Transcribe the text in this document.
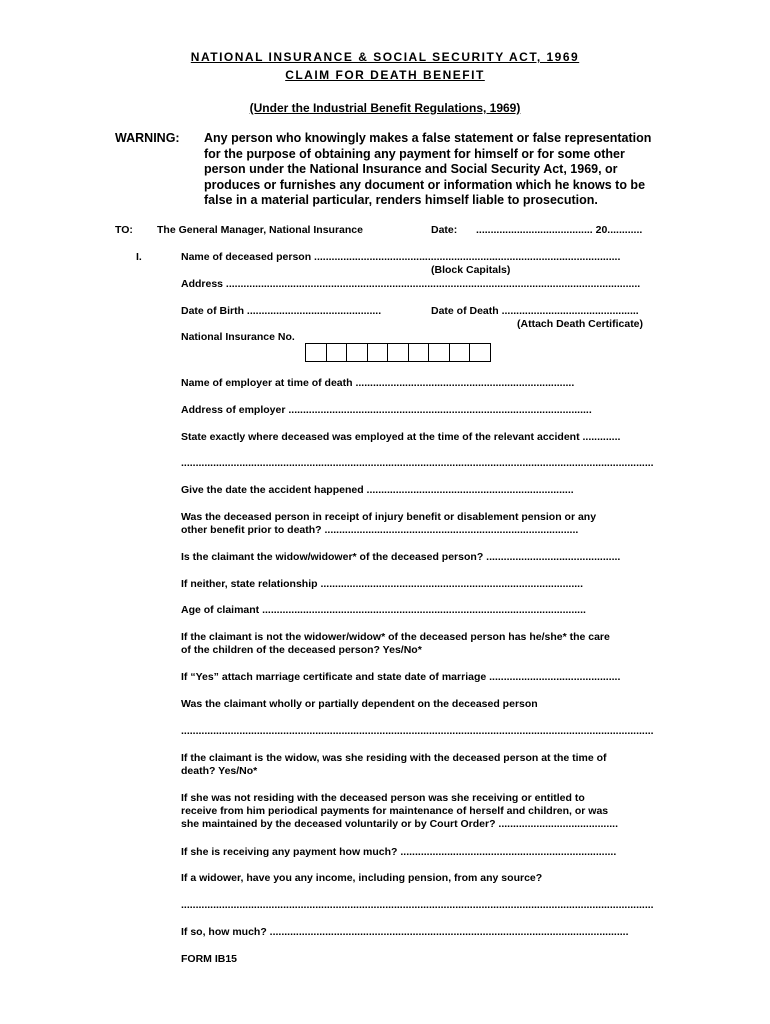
NATIONAL INSURANCE & SOCIAL SECURITY ACT, 1969
CLAIM FOR DEATH BENEFIT
(Under the Industrial Benefit Regulations, 1969)
WARNING: Any person who knowingly makes a false statement or false representation
for the purpose of obtaining any payment for himself or for some other
person under the National Insurance and Social Security Act, 1969, or
produces or furnishes any document or information which he knows to be
false in a material particular, renders himself liable to prosecution.
TO: The General Manager, National Insurance	Date: ........................................ 20............
I.	Name of deceased person .........................................................................................................
(Block Capitals)
Address ..............................................................................................................................................
Date of Birth ..............................................	Date of Death ...............................................
(Attach Death Certificate)
National Insurance No.
Name of employer at time of death ...........................................................................
Address of employer ........................................................................................................
State exactly where deceased was employed at the time of the relevant accident .............
..................................................................................................................................................................
Give the date the accident happened .......................................................................
Was the deceased person in receipt of injury benefit or disablement pension or any
other benefit prior to death? .......................................................................................
Is the claimant the widow/widower* of the deceased person? ..............................................
If neither, state relationship ..........................................................................................
Age of claimant ...............................................................................................................
If the claimant is not the widower/widow* of the deceased person has he/she* the care
of the children of the deceased person? Yes/No*
If “Yes” attach marriage certificate and state date of marriage .............................................
Was the claimant wholly or partially dependent on the deceased person
..................................................................................................................................................................
If the claimant is the widow, was she residing with the deceased person at the time of
death? Yes/No*
If she was not residing with the deceased person was she receiving or entitled to
receive from him periodical payments for maintenance of herself and children, or was
she maintained by the deceased voluntarily or by Court Order? .........................................
If she is receiving any payment how much? ..........................................................................
If a widower, have you any income, including pension, from any source?
..................................................................................................................................................................
If so, how much? ...........................................................................................................................
FORM IB15
